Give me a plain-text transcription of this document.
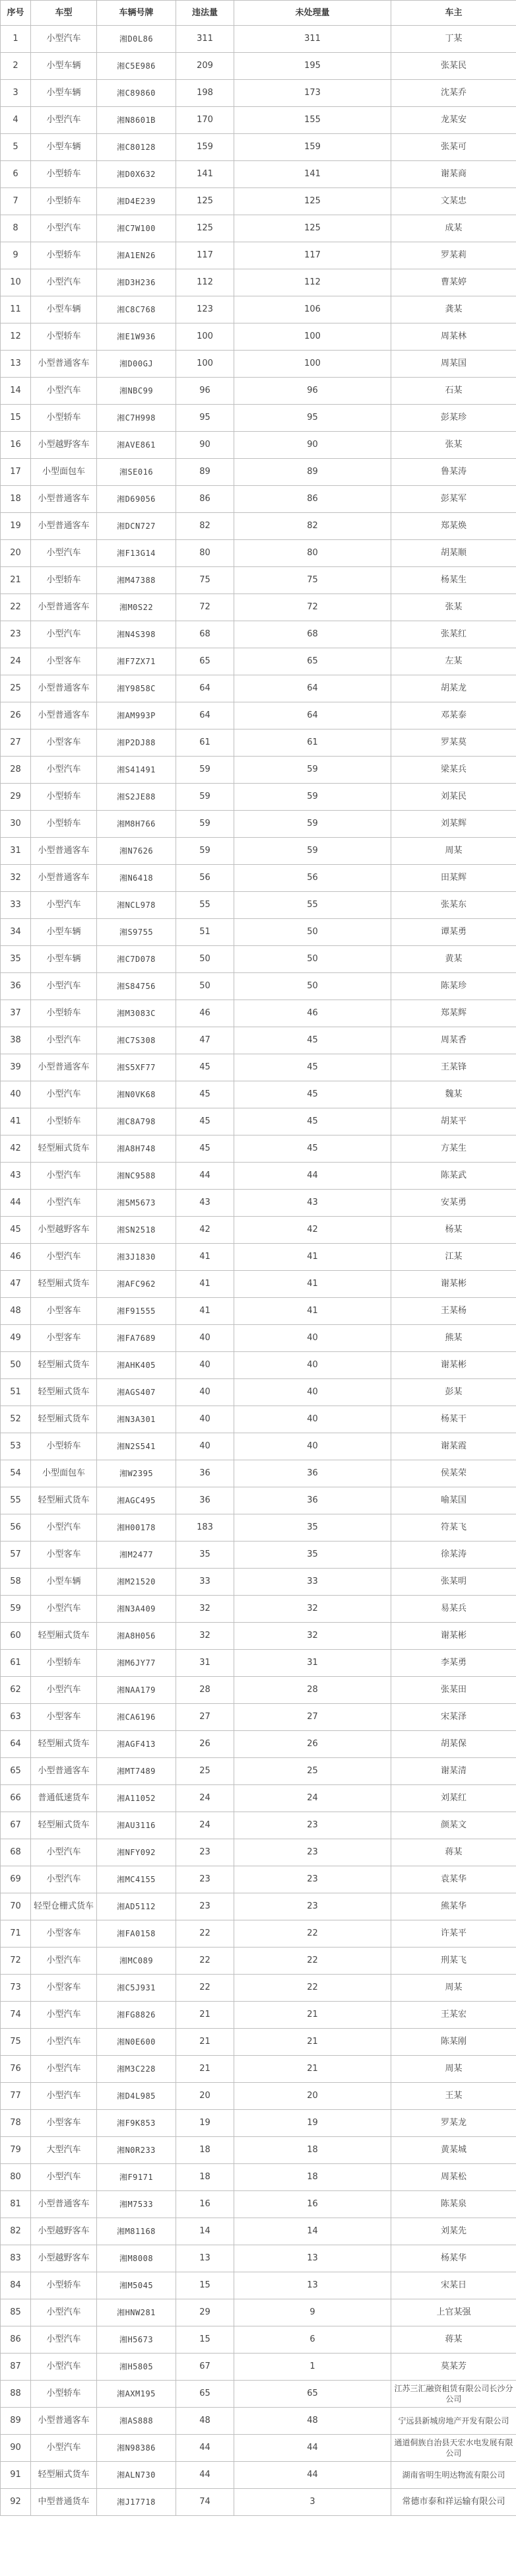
序号	车型	车辆号牌	违法量	未处理量	车主
1	小型汽车	湘D0L86	311	311	丁某
2	小型车辆	湘C5E986	209	195	张某民
3	小型车辆	湘C89860	198	173	沈某乔
4	小型汽车	湘N8601B	170	155	龙某安
5	小型车辆	湘C80128	159	159	张某可
6	小型轿车	湘D0X632	141	141	谢某商
7	小型轿车	湘D4E239	125	125	文某忠
8	小型汽车	湘C7W100	125	125	成某
9	小型轿车	湘A1EN26	117	117	罗某莉
10	小型汽车	湘D3H236	112	112	曹某婷
11	小型车辆	湘C8C768	123	106	龚某
12	小型轿车	湘E1W936	100	100	周某林
13	小型普通客车	湘D00GJ	100	100	周某国
14	小型汽车	湘NBC99	96	96	石某
15	小型轿车	湘C7H998	95	95	彭某珍
16	小型越野客车	湘AVE861	90	90	张某
17	小型面包车	湘SE016	89	89	鲁某涛
18	小型普通客车	湘D69056	86	86	彭某军
19	小型普通客车	湘DCN727	82	82	郑某焕
20	小型汽车	湘F13G14	80	80	胡某顺
21	小型轿车	湘M47388	75	75	杨某生
22	小型普通客车	湘M0S22	72	72	张某
23	小型汽车	湘N4S398	68	68	张某红
24	小型客车	湘F7ZX71	65	65	左某
25	小型普通客车	湘Y9858C	64	64	胡某龙
26	小型普通客车	湘AM993P	64	64	邓某泰
27	小型客车	湘P2DJ88	61	61	罗某莫
28	小型汽车	湘S41491	59	59	梁某兵
29	小型轿车	湘S2JE88	59	59	刘某民
30	小型轿车	湘M8H766	59	59	刘某辉
31	小型普通客车	湘N7626	59	59	周某
32	小型普通客车	湘N6418	56	56	田某辉
33	小型汽车	湘NCL978	55	55	张某东
34	小型车辆	湘S9755	51	50	谭某勇
35	小型车辆	湘C7D078	50	50	黄某
36	小型汽车	湘S84756	50	50	陈某珍
37	小型轿车	湘M3083C	46	46	郑某辉
38	小型汽车	湘C7S308	47	45	周某香
39	小型普通客车	湘S5XF77	45	45	王某锋
40	小型汽车	湘N0VK68	45	45	魏某
41	小型轿车	湘C8A798	45	45	胡某平
42	轻型厢式货车	湘A8H748	45	45	方某生
43	小型汽车	湘NC9588	44	44	陈某武
44	小型汽车	湘5M5673	43	43	安某勇
45	小型越野客车	湘SN2518	42	42	杨某
46	小型汽车	湘3J1830	41	41	江某
47	轻型厢式货车	湘AFC962	41	41	谢某彬
48	小型客车	湘F91555	41	41	王某杨
49	小型客车	湘FA7689	40	40	熊某
50	轻型厢式货车	湘AHK405	40	40	谢某彬
51	轻型厢式货车	湘AGS407	40	40	彭某
52	轻型厢式货车	湘N3A301	40	40	杨某干
53	小型轿车	湘N2S541	40	40	谢某霞
54	小型面包车	湘W2395	36	36	侯某荣
55	轻型厢式货车	湘AGC495	36	36	喻某国
56	小型汽车	湘H00178	183	35	符某飞
57	小型客车	湘M2477	35	35	徐某涛
58	小型车辆	湘M21520	33	33	张某明
59	小型汽车	湘N3A409	32	32	易某兵
60	轻型厢式货车	湘A8H056	32	32	谢某彬
61	小型轿车	湘M6JY77	31	31	李某勇
62	小型汽车	湘NAA179	28	28	张某田
63	小型客车	湘CA6196	27	27	宋某泽
64	轻型厢式货车	湘AGF413	26	26	胡某保
65	小型普通客车	湘MT7489	25	25	谢某清
66	普通低速货车	湘A11052	24	24	刘某红
67	轻型厢式货车	湘AU3116	24	23	颜某文
68	小型汽车	湘NFY092	23	23	蒋某
69	小型汽车	湘MC4155	23	23	袁某华
70	轻型仓栅式货车	湘AD5112	23	23	熊某华
71	小型客车	湘FA0158	22	22	许某平
72	小型汽车	湘MC089	22	22	刑某飞
73	小型客车	湘C5J931	22	22	周某
74	小型汽车	湘FG8826	21	21	王某宏
75	小型汽车	湘N0E600	21	21	陈某刚
76	小型汽车	湘M3C228	21	21	周某
77	小型汽车	湘D4L985	20	20	王某
78	小型客车	湘F9K853	19	19	罗某龙
79	大型汽车	湘N0R233	18	18	黄某城
80	小型汽车	湘F9171	18	18	周某松
81	小型普通客车	湘M7533	16	16	陈某泉
82	小型越野客车	湘M81168	14	14	刘某先
83	小型越野客车	湘M8008	13	13	杨某华
84	小型轿车	湘M5045	15	13	宋某日
85	小型汽车	湘HNW281	29	9	上官某强
86	小型汽车	湘H5673	15	6	蒋某
87	小型汽车	湘H5805	67	1	莫某芳
88	小型轿车	湘AXM195	65	65	江苏三汇融资租赁有限公司长沙分公司
89	小型普通客车	湘AS888	48	48	宁远县新城房地产开发有限公司
90	小型汽车	湘N98386	44	44	通道侗族自治县天宏水电发展有限公司
91	轻型厢式货车	湘ALN730	44	44	湖南省明生明达物流有限公司
92	中型普通货车	湘J17718	74	3	常德市泰和祥运输有限公司
